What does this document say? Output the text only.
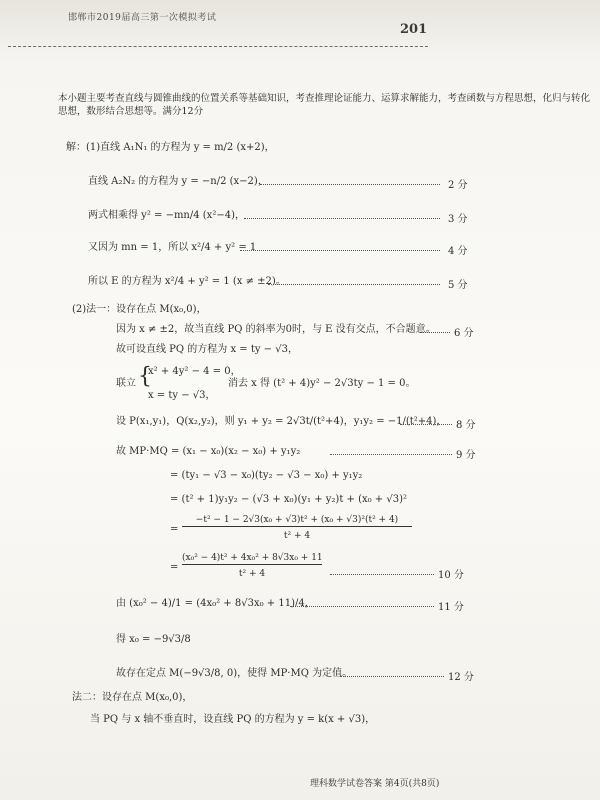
邯郸市2019届高三第一次模拟考试
201
本小题主要考查直线与圆锥曲线的位置关系等基础知识，考查推理论证能力、运算求解能力，考查函数与方程思想，化归与转化思想，数形结合思想等。满分12分
解：(1)直线 A₁N₁ 的方程为 y = m/2 (x+2)，
直线 A₂N₂ 的方程为 y = −n/2 (x−2)，	2 分
两式相乘得 y² = −mn/4 (x²−4)，	3 分
又因为 mn = 1，所以 x²/4 + y² = 1	4 分
所以 E 的方程为 x²/4 + y² = 1 (x ≠ ±2)。	5 分
(2)法一：设存在点 M(x₀,0)，
因为 x ≠ ±2，故当直线 PQ 的斜率为0时，与 E 没有交点，不合题意。 6 分
故可设直线 PQ 的方程为 x = ty − √3，
联立 {
x² + 4y² − 4 = 0，
x = ty − √3，
消去 x 得 (t² + 4)y² − 2√3ty − 1 = 0。
设 P(x₁,y₁)，Q(x₂,y₂)，则 y₁ + y₂ = 2√3t/(t²+4)，y₁y₂ = −1/(t²+4)， 8 分
故 MP·MQ = (x₁ − x₀)(x₂ − x₀) + y₁y₂	9 分
= (ty₁ − √3 − x₀)(ty₂ − √3 − x₀) + y₁y₂
= (t² + 1)y₁y₂ − (√3 + x₀)(y₁ + y₂)t + (x₀ + √3)²
=
−t² − 1 − 2√3(x₀ + √3)t² + (x₀ + √3)²(t² + 4)
t² + 4
=
(x₀² − 4)t² + 4x₀² + 8√3x₀ + 11
t² + 4	10 分
由 (x₀² − 4)/1 = (4x₀² + 8√3x₀ + 11)/4，	11 分
得 x₀ = −9√3/8
故存在定点 M(−9√3/8, 0)，使得 MP·MQ 为定值。	12 分
法二：设存在点 M(x₀,0)，
当 PQ 与 x 轴不垂直时，设直线 PQ 的方程为 y = k(x + √3)，
理科数学试卷答案 第4页(共8页)
